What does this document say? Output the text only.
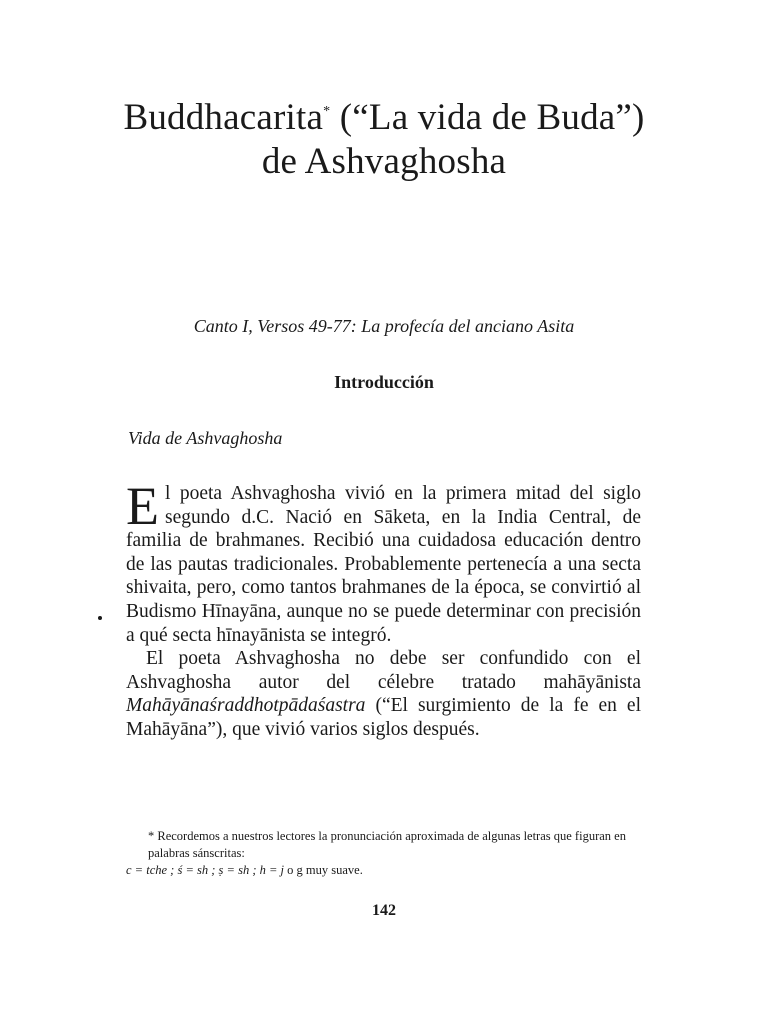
Buddhacarita* (“La vida de Buda”)
de Ashvaghosha
Canto I, Versos 49-77: La profecía del anciano Asita
Introducción
Vida de Ashvaghosha

El poeta Ashvaghosha vivió en la primera mitad del siglo segundo d.C. Nació en Sāketa, en la India Central, de familia de brahmanes. Recibió una cuidadosa educación dentro de las pautas tradicionales. Probablemente pertenecía a una secta shivaita, pero, como tantos brahmanes de la época, se convirtió al Budismo Hīnayāna, aunque no se puede determinar con precisión a qué secta hīnayānista se integró.

El poeta Ashvaghosha no debe ser confundido con el Ashvaghosha autor del célebre tratado mahāyānista Mahāyānaśraddhotpādaśastra (“El surgimiento de la fe en el Mahāyāna”), que vivió varios siglos después.

* Recordemos a nuestros lectores la pronunciación aproximada de algunas letras que figuran en palabras sánscritas:
c = tche ; ś = sh ; ṣ = sh ; h = j o g muy suave.
142
